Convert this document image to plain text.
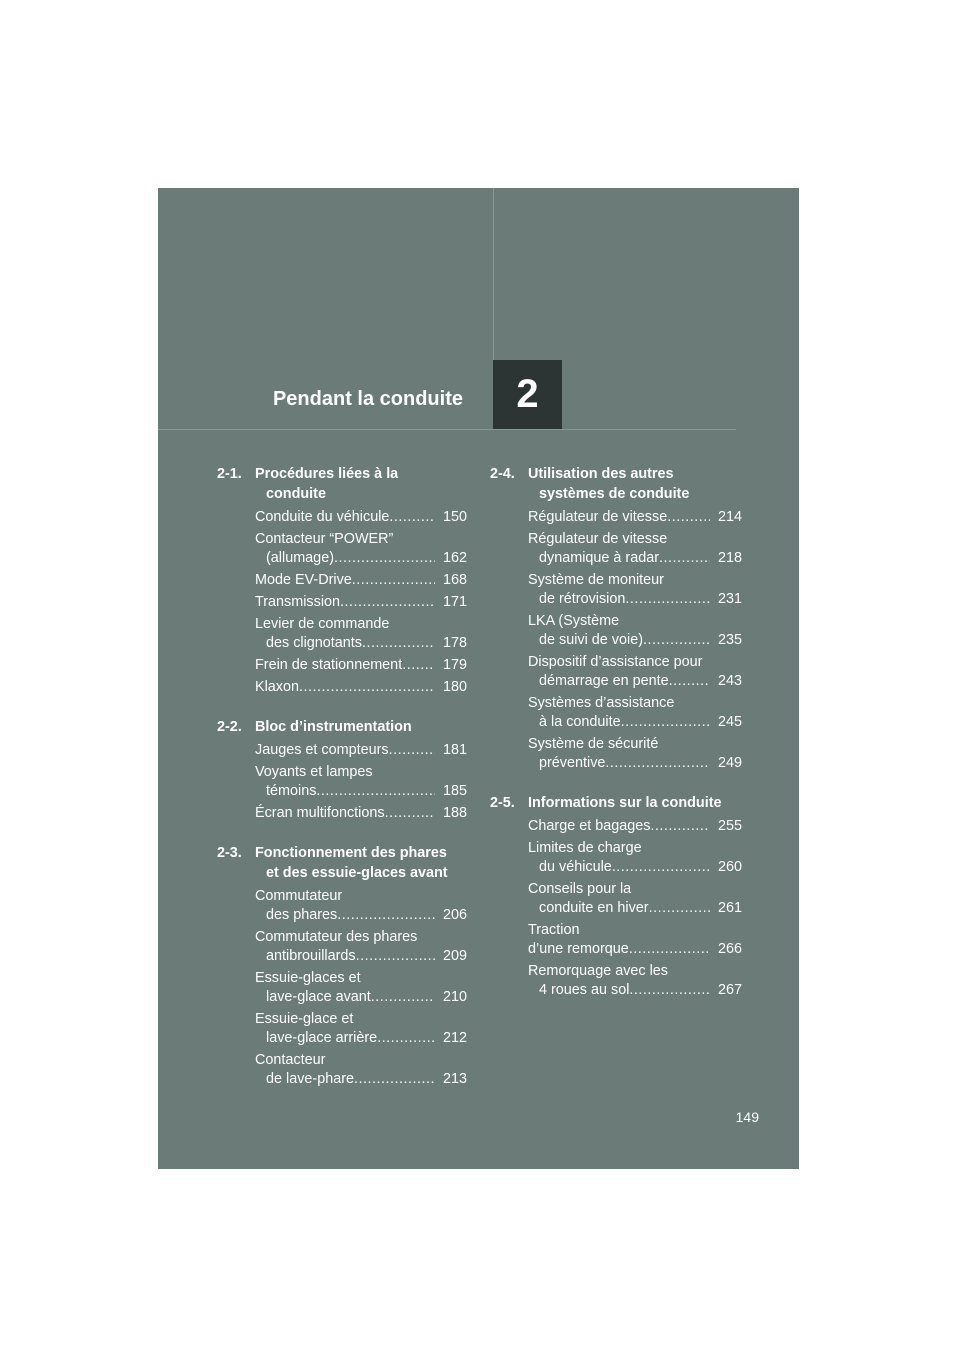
Pendant la conduite	2
2-1. Procédures liées à la
conduite
Conduite du véhicule .....	150
Contacteur “POWER”
(allumage) .....	162
Mode EV-Drive .....	168
Transmission .....	171
Levier de commande
des clignotants .....	178
Frein de stationnement .....	179
Klaxon .....	180
2-2. Bloc d’instrumentation
Jauges et compteurs .....	181
Voyants et lampes
témoins .....	185
Écran multifonctions .....	188
2-3. Fonctionnement des phares
et des essuie-glaces avant
Commutateur
des phares .....	206
Commutateur des phares
antibrouillards .....	209
Essuie-glaces et
lave-glace avant .....	210
Essuie-glace et
lave-glace arrière .....	212
Contacteur
de lave-phare .....	213
2-4. Utilisation des autres
systèmes de conduite
Régulateur de vitesse .....	214
Régulateur de vitesse
dynamique à radar .....	218
Système de moniteur
de rétrovision .....	231
LKA (Système
de suivi de voie) .....	235
Dispositif d’assistance pour
démarrage en pente .....	243
Systèmes d’assistance
à la conduite .....	245
Système de sécurité
préventive .....	249
2-5. Informations sur la conduite
Charge et bagages .....	255
Limites de charge
du véhicule .....	260
Conseils pour la
conduite en hiver .....	261
Traction
d’une remorque .....	266
Remorquage avec les
4 roues au sol .....	267
149
